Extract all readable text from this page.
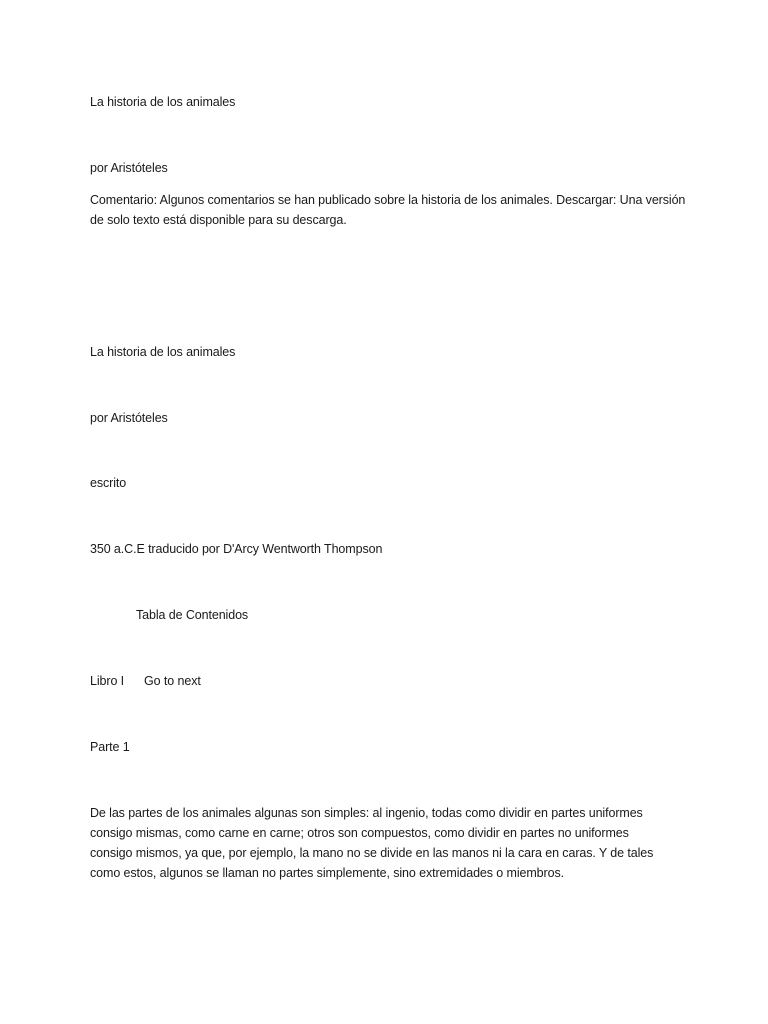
La historia de los animales
por Aristóteles
Comentario: Algunos comentarios se han publicado sobre la historia de los animales. Descargar: Una versión de solo texto está disponible para su descarga.
La historia de los animales
por Aristóteles
escrito
350 a.C.E traducido por D'Arcy Wentworth Thompson
Tabla de Contenidos
Libro I Go to next
Parte 1
De las partes de los animales algunas son simples: al ingenio, todas como dividir en partes uniformes consigo mismas, como carne en carne; otros son compuestos, como dividir en partes no uniformes consigo mismos, ya que, por ejemplo, la mano no se divide en las manos ni la cara en caras. Y de tales como estos, algunos se llaman no partes simplemente, sino extremidades o miembros.
